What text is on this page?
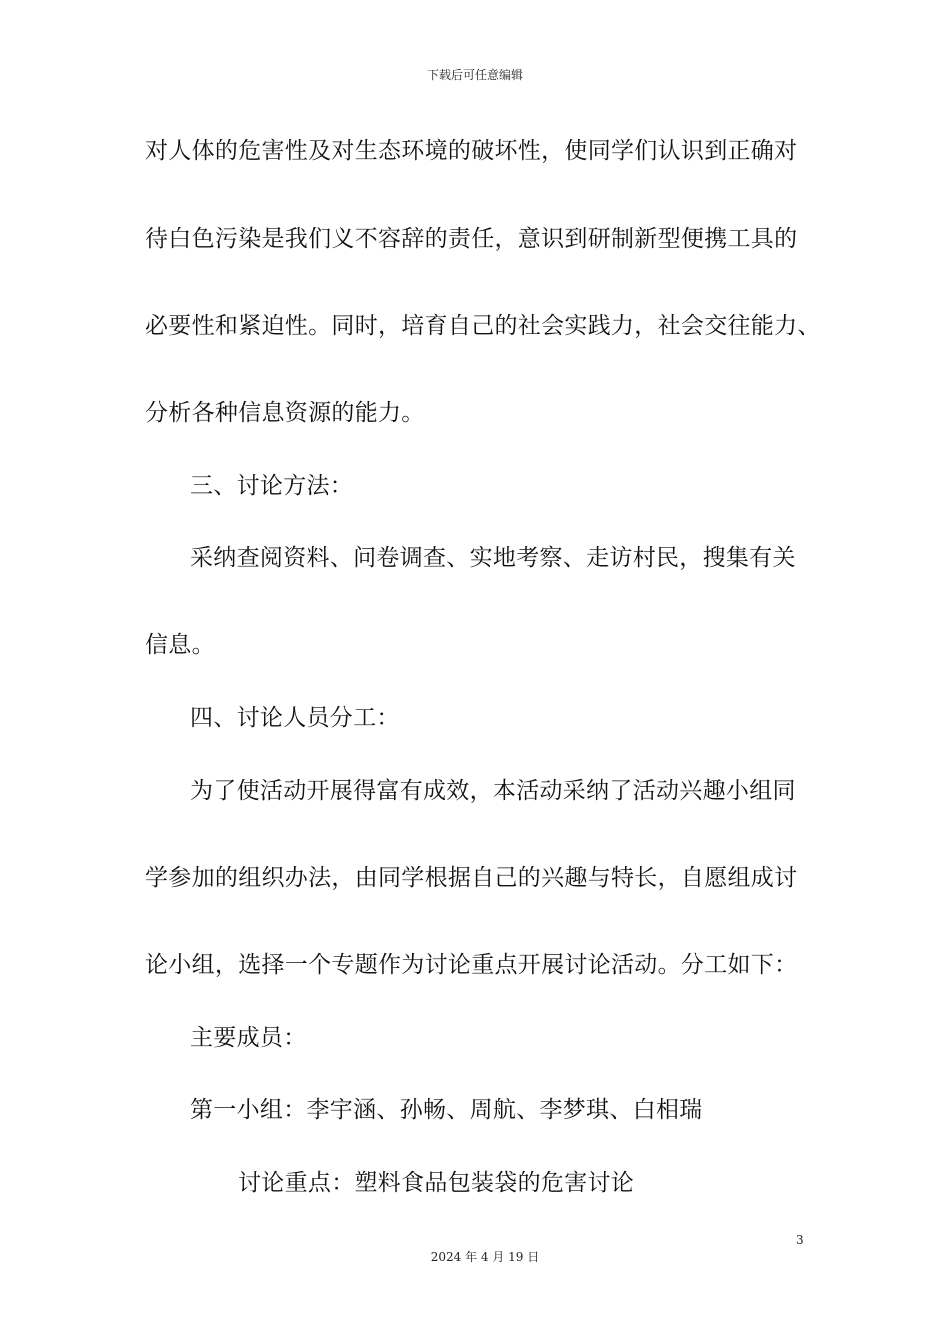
下载后可任意编辑
对人体的危害性及对生态环境的破坏性，使同学们认识到正确对
待白色污染是我们义不容辞的责任，意识到研制新型便携工具的
必要性和紧迫性。同时，培育自己的社会实践力，社会交往能力、
分析各种信息资源的能力。
三、讨论方法：
采纳查阅资料、问卷调查、实地考察、走访村民，搜集有关
信息。
四、讨论人员分工：
为了使活动开展得富有成效，本活动采纳了活动兴趣小组同
学参加的组织办法，由同学根据自己的兴趣与特长，自愿组成讨
论小组，选择一个专题作为讨论重点开展讨论活动。分工如下：
主要成员：
第一小组：李宇涵、孙畅、周航、李梦琪、白相瑞
讨论重点：塑料食品包装袋的危害讨论
3
2024 年 4 月 19 日
